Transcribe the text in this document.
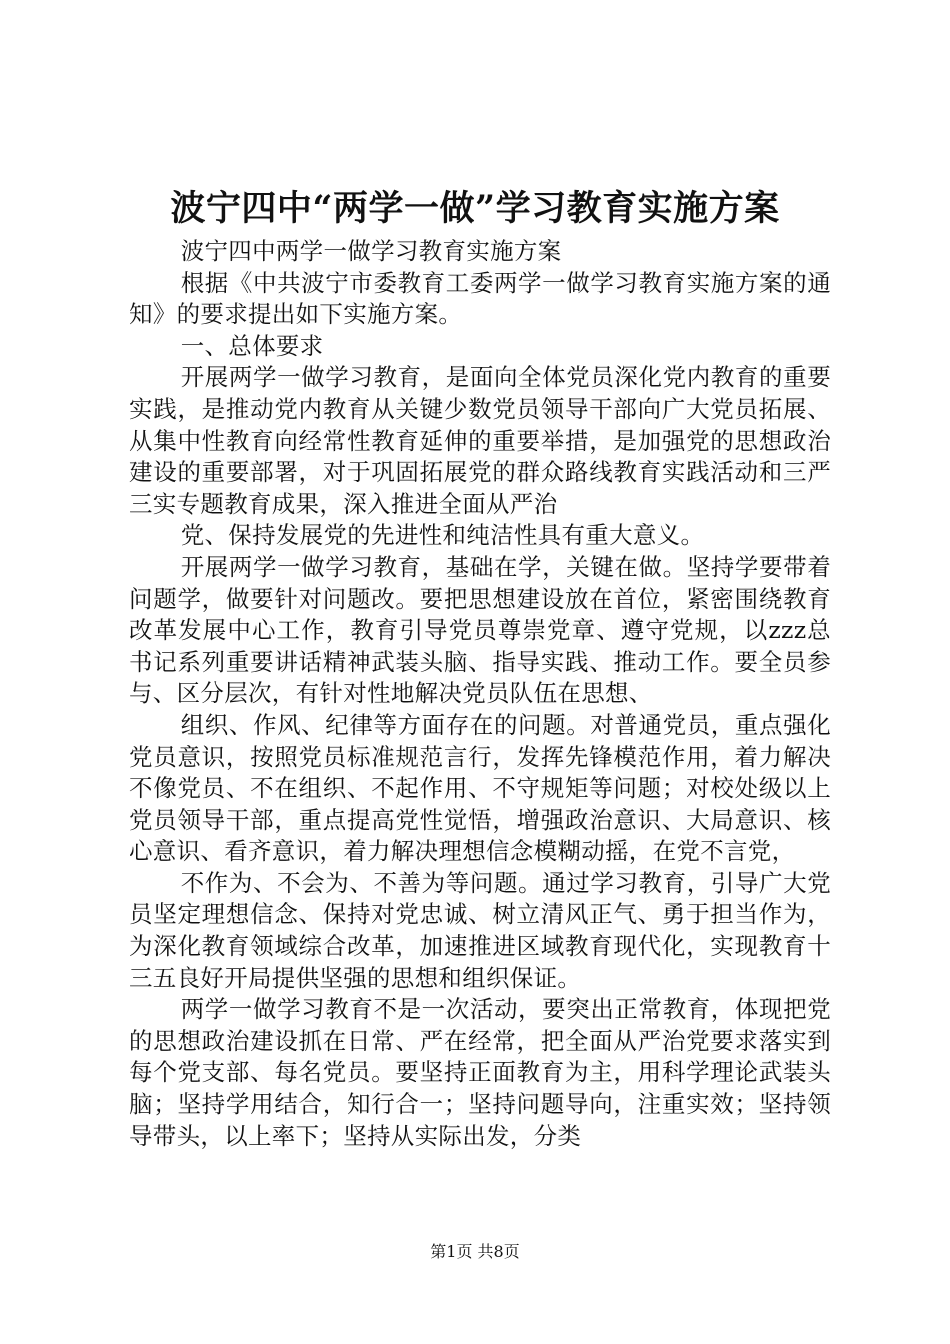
波宁四中“两学一做”学习教育实施方案

波宁四中两学一做学习教育实施方案

根据《中共波宁市委教育工委两学一做学习教育实施方案的通知》的要求提出如下实施方案。

一、总体要求

开展两学一做学习教育，是面向全体党员深化党内教育的重要实践，是推动党内教育从关键少数党员领导干部向广大党员拓展、从集中性教育向经常性教育延伸的重要举措，是加强党的思想政治建设的重要部署，对于巩固拓展党的群众路线教育实践活动和三严三实专题教育成果，深入推进全面从严治

党、保持发展党的先进性和纯洁性具有重大意义。

开展两学一做学习教育，基础在学，关键在做。坚持学要带着问题学，做要针对问题改。要把思想建设放在首位，紧密围绕教育改革发展中心工作，教育引导党员尊崇党章、遵守党规，以zzz总书记系列重要讲话精神武装头脑、指导实践、推动工作。要全员参与、区分层次，有针对性地解决党员队伍在思想、

组织、作风、纪律等方面存在的问题。对普通党员，重点强化党员意识，按照党员标准规范言行，发挥先锋模范作用，着力解决不像党员、不在组织、不起作用、不守规矩等问题；对校处级以上党员领导干部，重点提高党性觉悟，增强政治意识、大局意识、核心意识、看齐意识，着力解决理想信念模糊动摇，在党不言党，

不作为、不会为、不善为等问题。通过学习教育，引导广大党员坚定理想信念、保持对党忠诚、树立清风正气、勇于担当作为，为深化教育领域综合改革，加速推进区域教育现代化，实现教育十三五良好开局提供坚强的思想和组织保证。

两学一做学习教育不是一次活动，要突出正常教育，体现把党的思想政治建设抓在日常、严在经常，把全面从严治党要求落实到每个党支部、每名党员。要坚持正面教育为主，用科学理论武装头脑；坚持学用结合，知行合一；坚持问题导向，注重实效；坚持领导带头，以上率下；坚持从实际出发，分类

第1页 共8页
